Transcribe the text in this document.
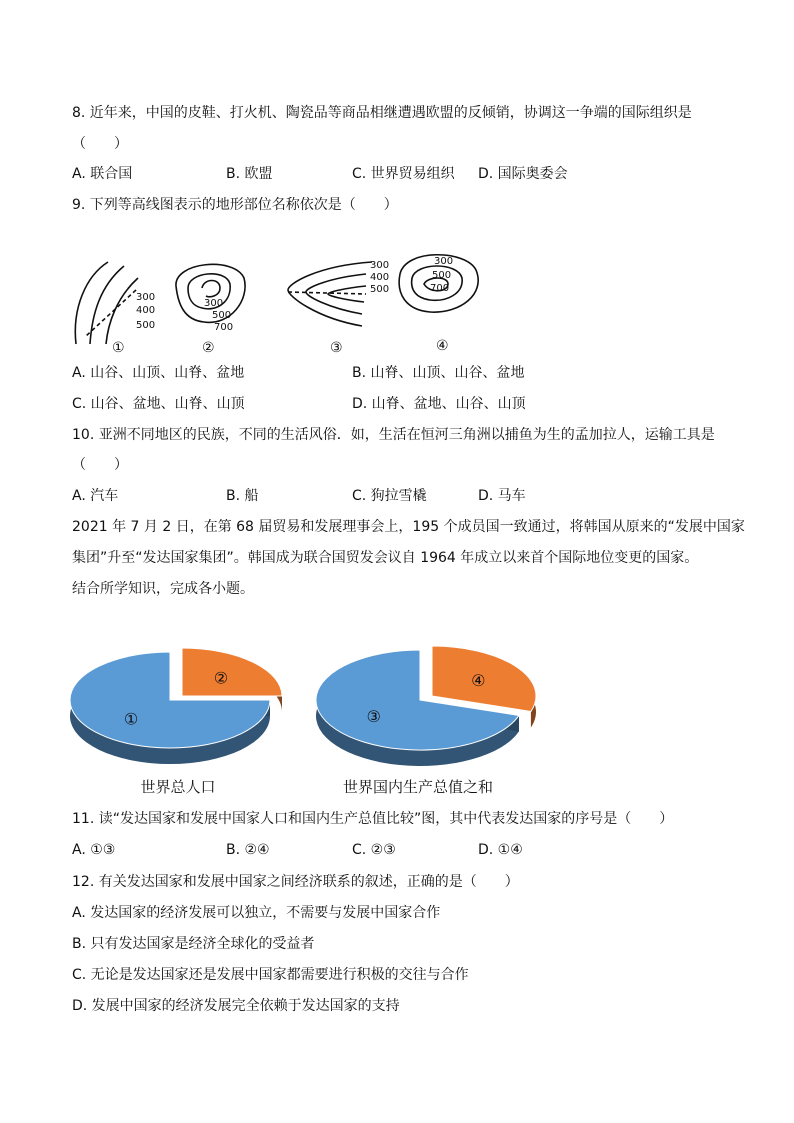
8. 近年来，中国的皮鞋、打火机、陶瓷品等商品相继遭遇欧盟的反倾销，协调这一争端的国际组织是
（　　）
A. 联合国	B. 欧盟	C. 世界贸易组织 D. 国际奥委会
9. 下列等高线图表示的地形部位名称依次是（　　）
300
400
500
300
500
700
300
400
500
300
500
700
①	②	③	④
A. 山谷、山顶、山脊、盆地	B. 山脊、山顶、山谷、盆地
C. 山谷、盆地、山脊、山顶	D. 山脊、盆地、山谷、山顶
10. 亚洲不同地区的民族，不同的生活风俗．如，生活在恒河三角洲以捕鱼为生的孟加拉人，运输工具是
（　　）
A. 汽车	B. 船	C. 狗拉雪橇	D. 马车
2021 年 7 月 2 日，在第 68 届贸易和发展理事会上，195 个成员国一致通过，将韩国从原来的“发展中国家
集团”升至“发达国家集团”。韩国成为联合国贸发会议自 1964 年成立以来首个国际地位变更的国家。
结合所学知识，完成各小题。
①
②
世界总人口
③
④
世界国内生产总值之和
11. 读“发达国家和发展中国家人口和国内生产总值比较”图，其中代表发达国家的序号是（　　）
A. ①③	B. ②④	C. ②③	D. ①④
12. 有关发达国家和发展中国家之间经济联系的叙述，正确的是（　　）
A. 发达国家的经济发展可以独立，不需要与发展中国家合作
B. 只有发达国家是经济全球化的受益者
C. 无论是发达国家还是发展中国家都需要进行积极的交往与合作
D. 发展中国家的经济发展完全依赖于发达国家的支持
